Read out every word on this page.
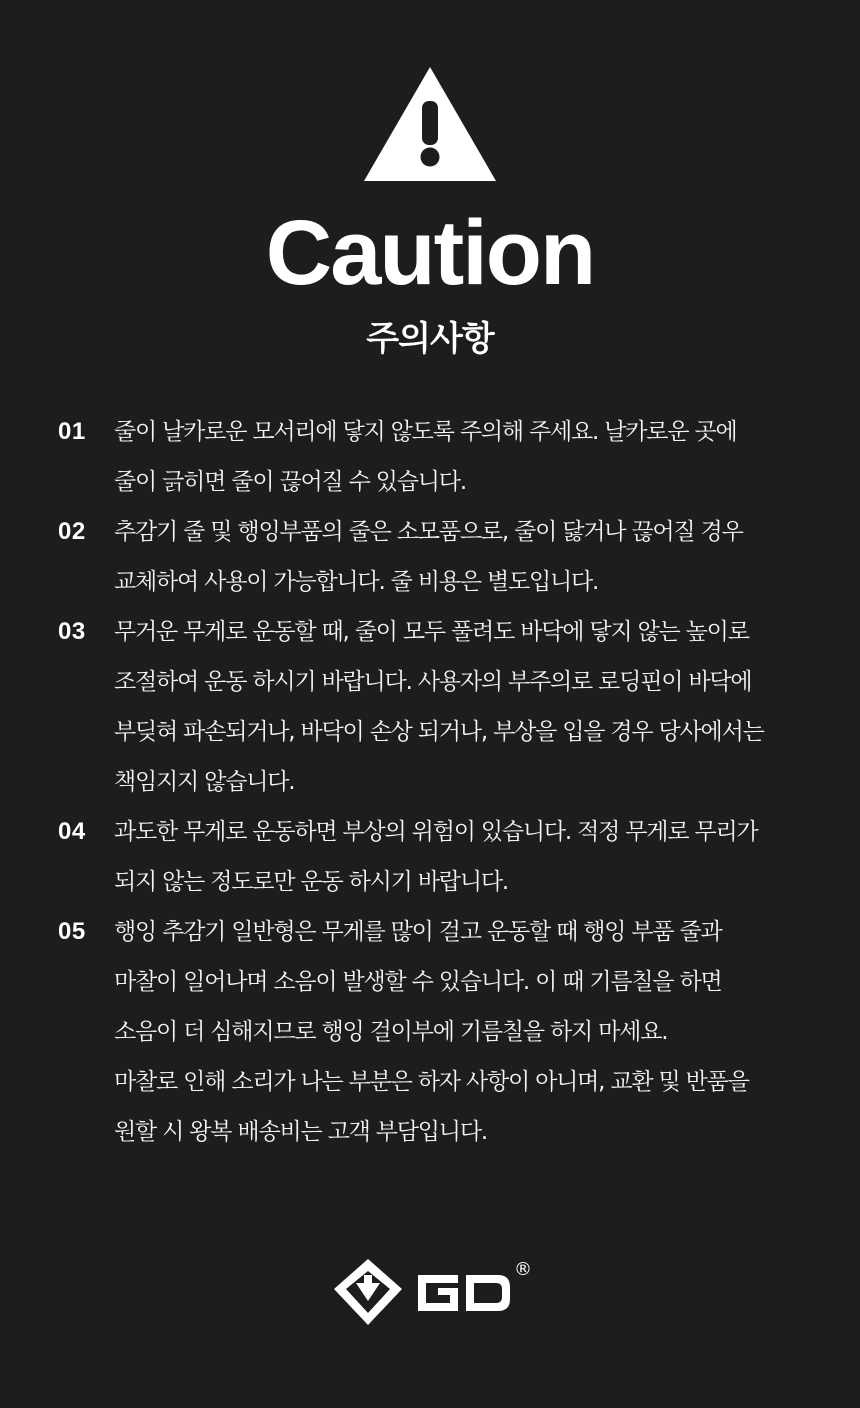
Caution
주의사항
01	줄이 날카로운 모서리에 닿지 않도록 주의해 주세요. 날카로운 곳에
줄이 긁히면 줄이 끊어질 수 있습니다.
02	추감기 줄 및 행잉부품의 줄은 소모품으로, 줄이 닳거나 끊어질 경우
교체하여 사용이 가능합니다. 줄 비용은 별도입니다.
03	무거운 무게로 운동할 때, 줄이 모두 풀려도 바닥에 닿지 않는 높이로
조절하여 운동 하시기 바랍니다. 사용자의 부주의로 로딩핀이 바닥에
부딪혀 파손되거나, 바닥이 손상 되거나, 부상을 입을 경우 당사에서는
책임지지 않습니다.
04	과도한 무게로 운동하면 부상의 위험이 있습니다. 적정 무게로 무리가
되지 않는 정도로만 운동 하시기 바랍니다.
05	행잉 추감기 일반형은 무게를 많이 걸고 운동할 때 행잉 부품 줄과
마찰이 일어나며 소음이 발생할 수 있습니다. 이 때 기름칠을 하면
소음이 더 심해지므로 행잉 걸이부에 기름칠을 하지 마세요.
마찰로 인해 소리가 나는 부분은 하자 사항이 아니며, 교환 및 반품을
원할 시 왕복 배송비는 고객 부담입니다.
®
